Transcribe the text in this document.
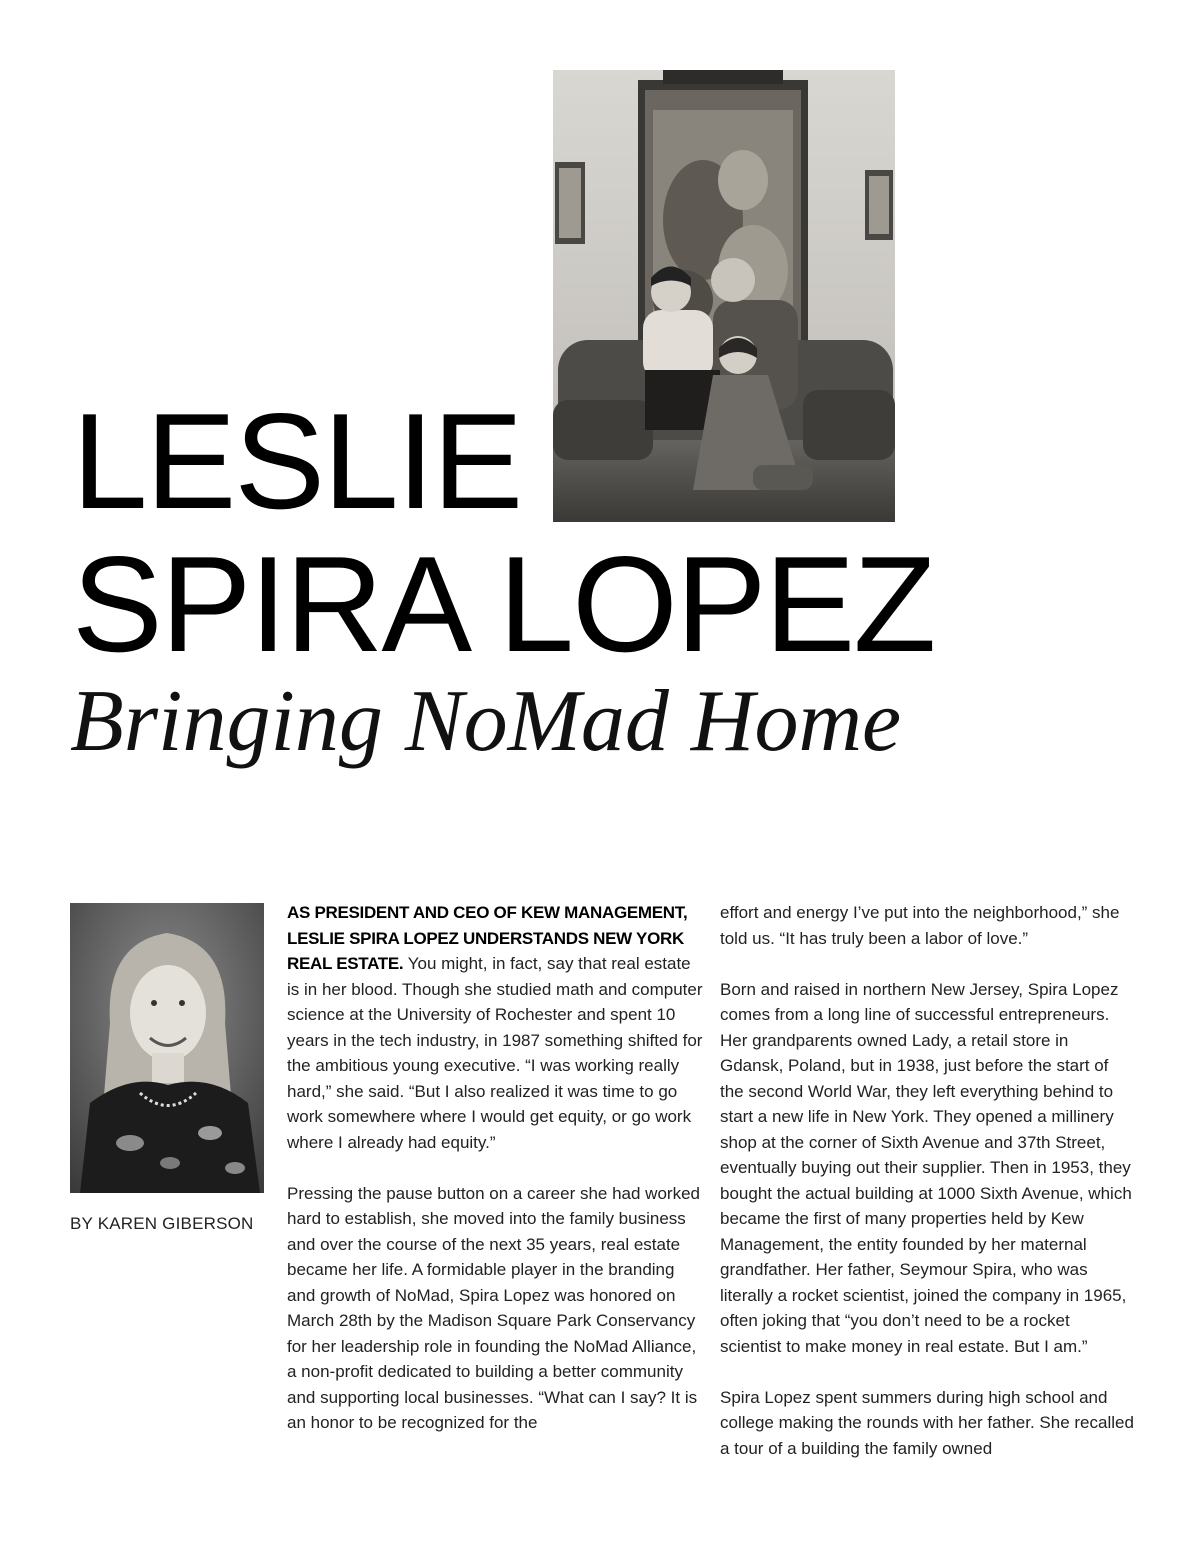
LESLIE
SPIRA LOPEZ
Bringing NoMad Home
BY KAREN GIBERSON

AS PRESIDENT AND CEO OF KEW MANAGEMENT, LESLIE SPIRA LOPEZ UNDERSTANDS NEW YORK REAL ESTATE. You might, in fact, say that real estate is in her blood. Though she studied math and computer science at the University of Rochester and spent 10 years in the tech industry, in 1987 something shifted for the ambitious young executive. “I was working really hard,” she said. “But I also realized it was time to go work somewhere where I would get equity, or go work where I already had equity.”

Pressing the pause button on a career she had worked hard to establish, she moved into the family business and over the course of the next 35 years, real estate became her life. A formidable player in the branding and growth of NoMad, Spira Lopez was honored on March 28th by the Madison Square Park Conservancy for her leadership role in founding the NoMad Alliance, a non-profit dedicated to building a better community and supporting local businesses. “What can I say? It is an honor to be recognized for the

effort and energy I’ve put into the neighborhood,” she told us. “It has truly been a labor of love.”

Born and raised in northern New Jersey, Spira Lopez comes from a long line of successful entrepreneurs. Her grandparents owned Lady, a retail store in Gdansk, Poland, but in 1938, just before the start of the second World War, they left everything behind to start a new life in New York. They opened a millinery shop at the corner of Sixth Avenue and 37th Street, eventually buying out their supplier. Then in 1953, they bought the actual building at 1000 Sixth Avenue, which became the first of many properties held by Kew Management, the entity founded by her maternal grandfather. Her father, Seymour Spira, who was literally a rocket scientist, joined the company in 1965, often joking that “you don’t need to be a rocket scientist to make money in real estate. But I am.”

Spira Lopez spent summers during high school and college making the rounds with her father. She recalled a tour of a building the family owned
